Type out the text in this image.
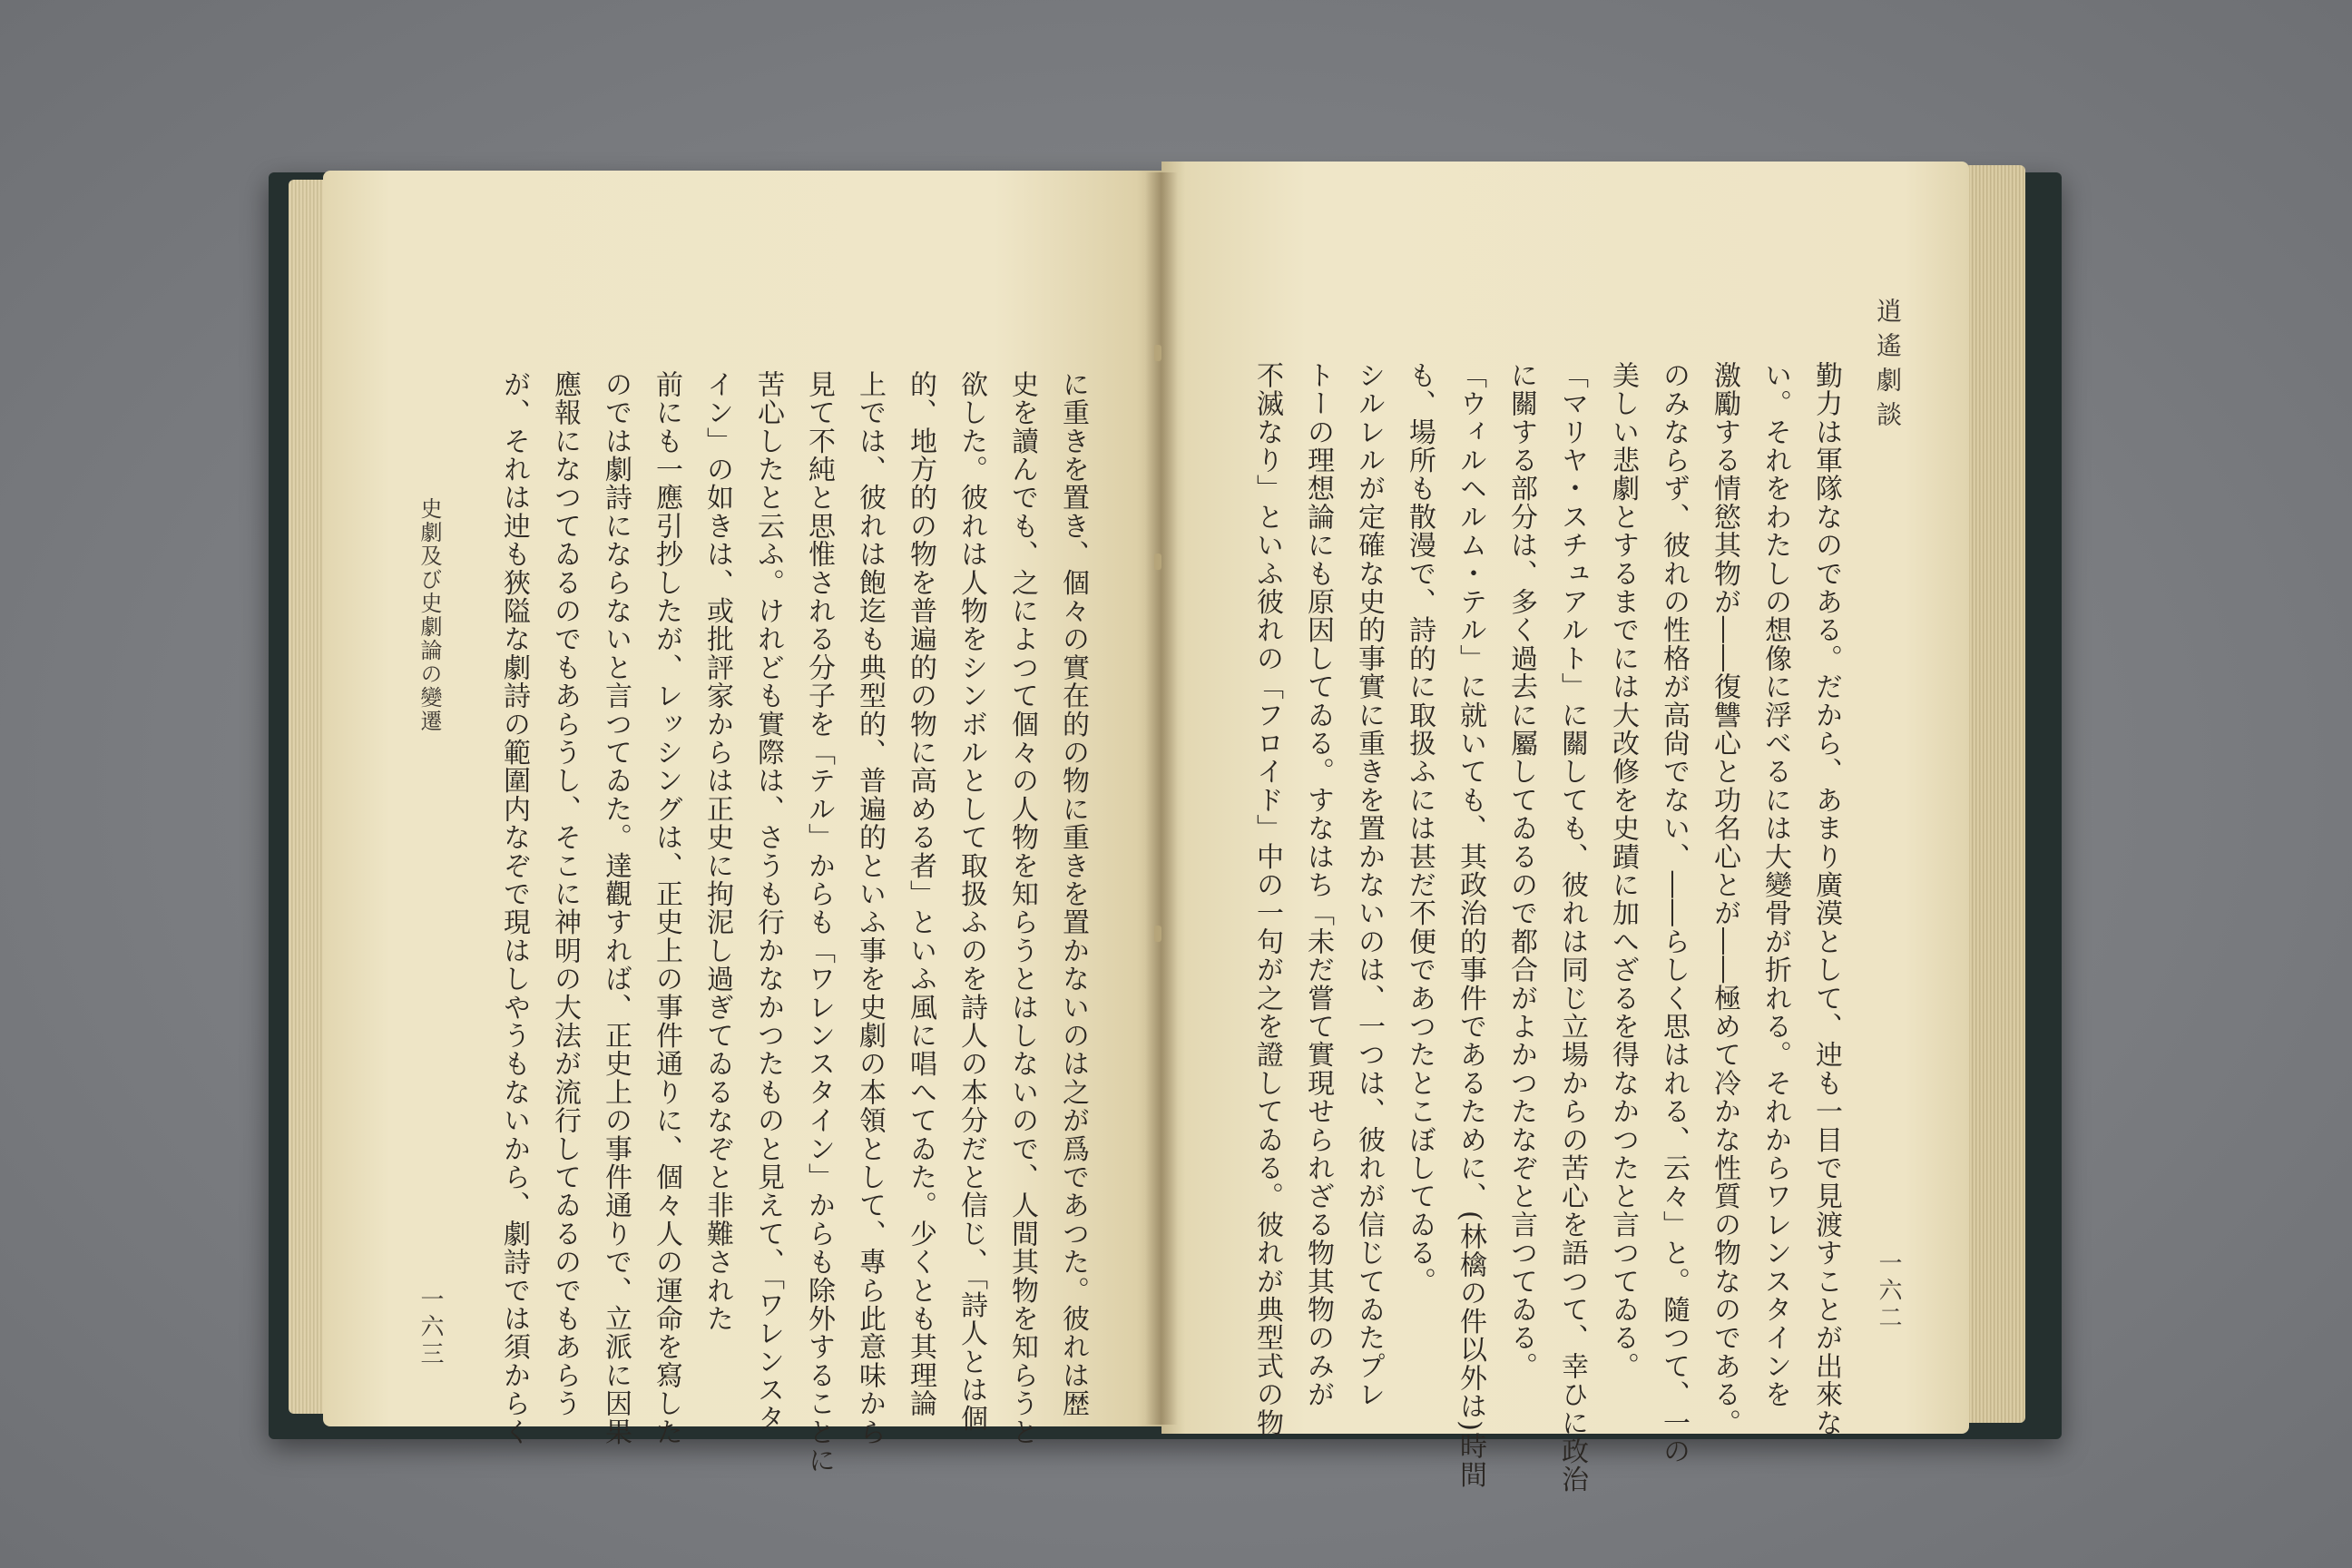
に重きを置き、個々の實在的の物に重きを置かないのは之が爲であつた。彼れは歴
史を讀んでも、之によつて個々の人物を知らうとはしないので、人間其物を知らうと
欲した。彼れは人物をシンボルとして取扱ふのを詩人の本分だと信じ、「詩人とは個
的、地方的の物を普遍的の物に高める者」といふ風に唱へてゐた。少くとも其理論
上では、彼れは飽迄も典型的、普遍的といふ事を史劇の本領として、專ら此意味から
見て不純と思惟される分子を「テル」からも「ワレンスタイン」からも除外することに
苦心したと云ふ。けれども實際は、さうも行かなかつたものと見えて、「ワレンスタ
イン」の如きは、或批評家からは正史に拘泥し過ぎてゐるなぞと非難された
前にも一應引抄したが、レッシングは、正史上の事件通りに、個々人の運命を寫した
のでは劇詩にならないと言つてゐた。達觀すれば、正史上の事件通りで、立派に因果
應報になつてゐるのでもあらうし、そこに神明の大法が流行してゐるのでもあらう
が、それは迚も狹隘な劇詩の範圍内なぞで現はしやうもないから、劇詩では須からく
史劇及び史劇論の變遷
一六三
逍遙劇談
一六二
勤力は軍隊なのである。だから、あまり廣漠として、迚も一目で見渡すことが出來な
い。それをわたしの想像に浮べるには大變骨が折れる。それからワレンスタインを
激勵する情慾其物が――復讐心と功名心とが――極めて冷かな性質の物なのである。
のみならず、彼れの性格が高尙でない、――らしく思はれる、云々」と。隨つて、一の
美しい悲劇とするまでには大改修を史蹟に加へざるを得なかつたと言つてゐる。
「マリヤ・スチュアルト」に關しても、彼れは同じ立場からの苦心を語つて、幸ひに政治
に關する部分は、多く過去に屬してゐるので都合がよかつたなぞと言つてゐる。
「ウィルヘルム・テル」に就いても、其政治的事件であるために、(林檎の件以外は)時間
も、場所も散漫で、詩的に取扱ふには甚だ不便であつたとこぼしてゐる。
シルレルが定確な史的事實に重きを置かないのは、一つは、彼れが信じてゐたプレ
トーの理想論にも原因してゐる。すなはち「未だ嘗て實現せられざる物其物のみが
不滅なり」といふ彼れの「フロイド」中の一句が之を證してゐる。彼れが典型式の物
